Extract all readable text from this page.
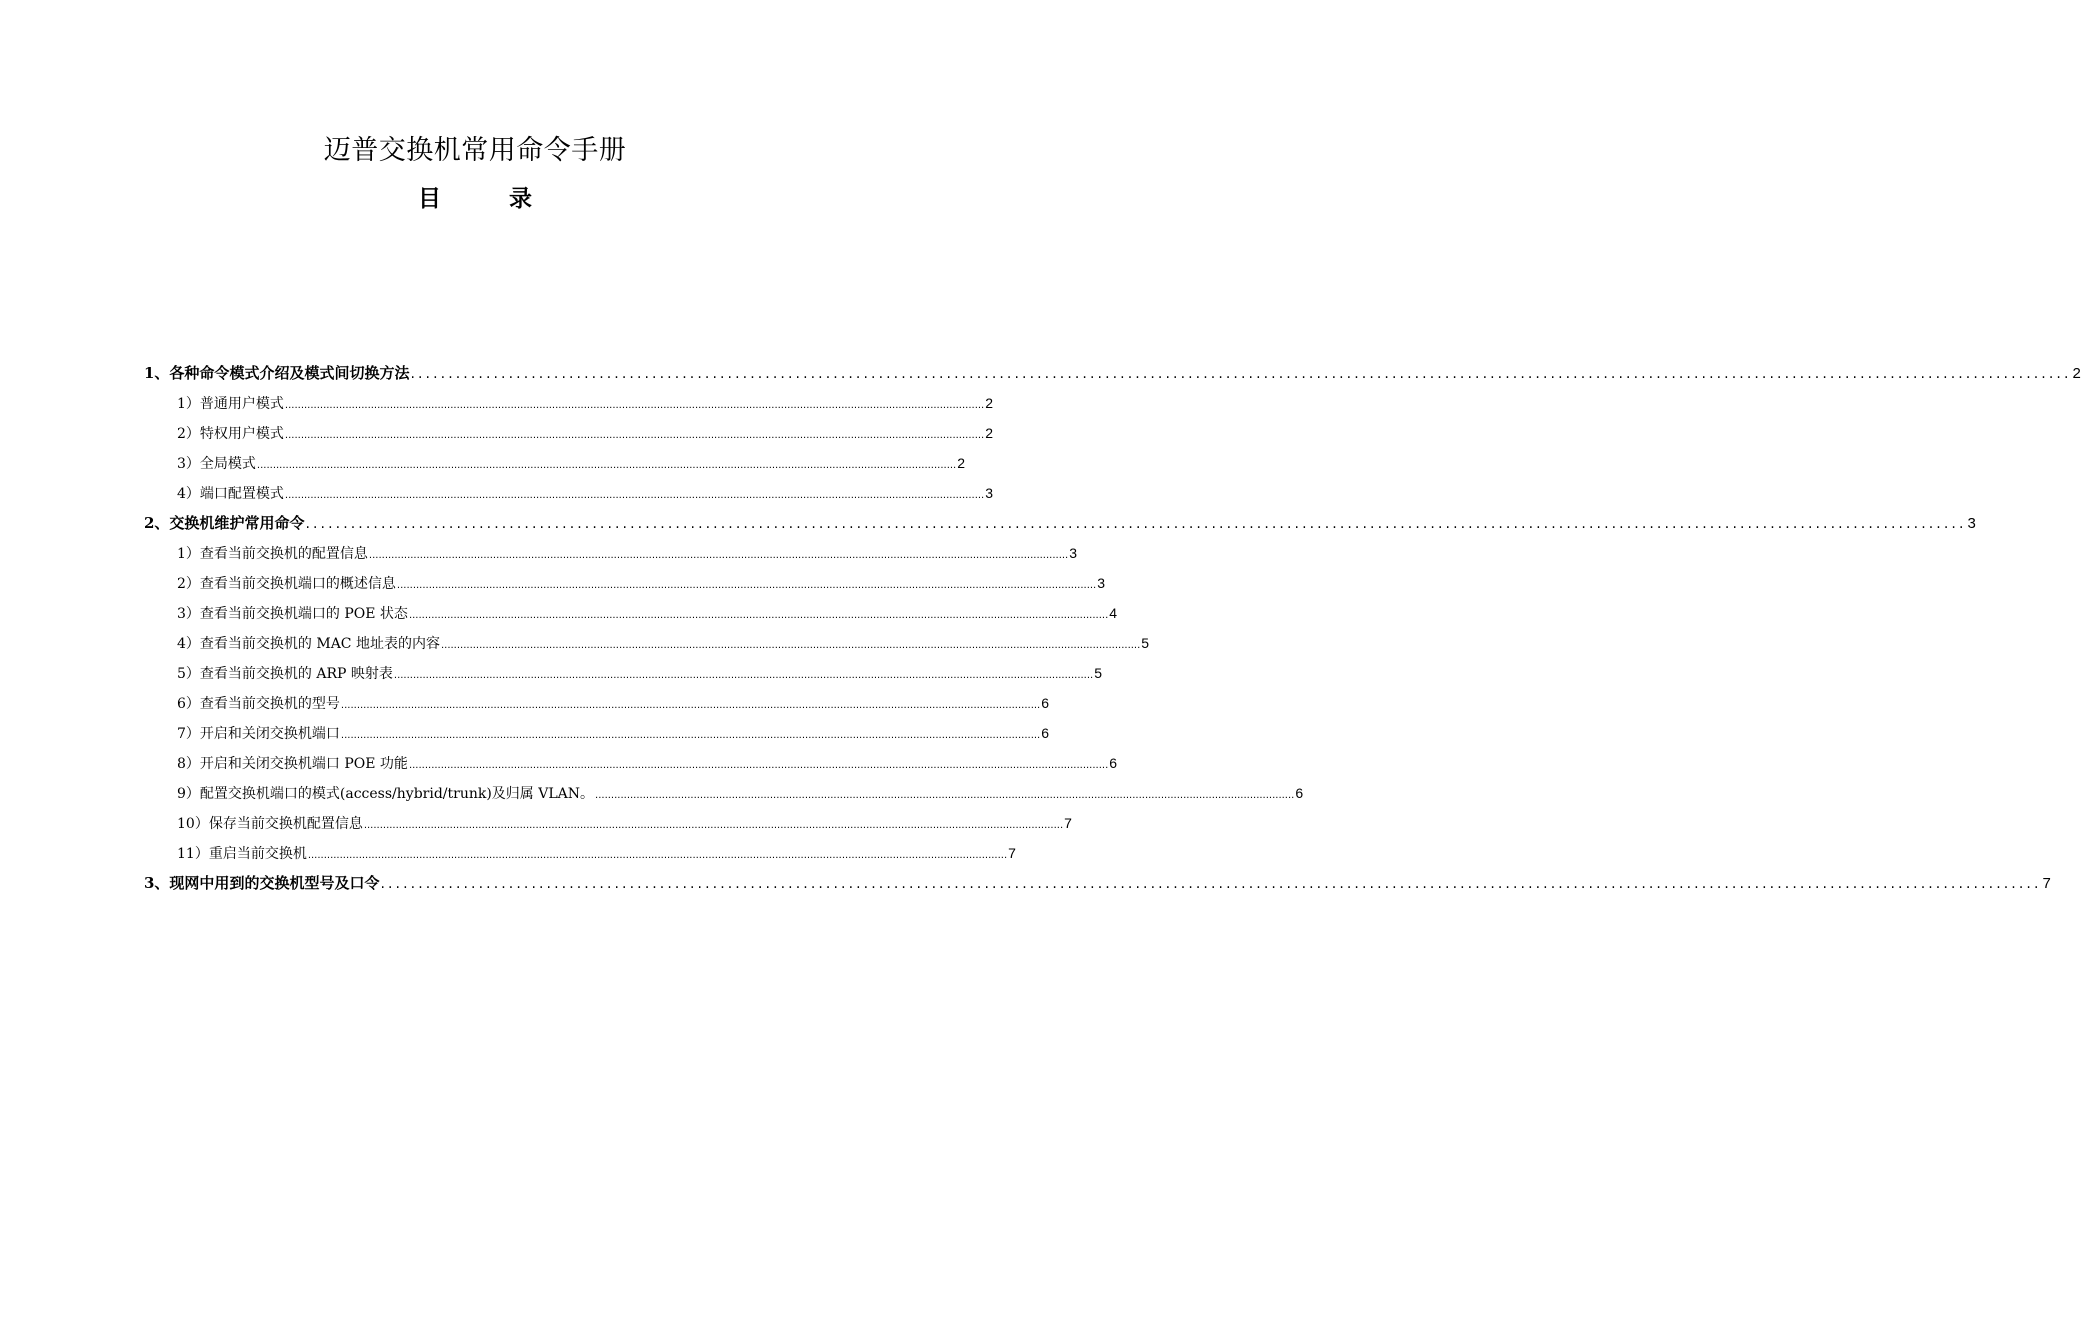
迈普交换机常用命令手册
目 录
1、各种命令模式介绍及模式间切换方法 ............................................................................................................................................................................................................................ 2
1）普通用户模式 ............................................................................................................................................................................................................................ 2
2）特权用户模式 ............................................................................................................................................................................................................................ 2
3）全局模式 ............................................................................................................................................................................................................................ 2
4）端口配置模式 ............................................................................................................................................................................................................................ 3
2、交换机维护常用命令 ............................................................................................................................................................................................................................ 3
1）查看当前交换机的配置信息 ............................................................................................................................................................................................................................ 3
2）查看当前交换机端口的概述信息 ............................................................................................................................................................................................................................ 3
3）查看当前交换机端口的 POE 状态 ............................................................................................................................................................................................................................ 4
4）查看当前交换机的 MAC 地址表的内容 ............................................................................................................................................................................................................................ 5
5）查看当前交换机的 ARP 映射表 ............................................................................................................................................................................................................................ 5
6）查看当前交换机的型号 ............................................................................................................................................................................................................................ 6
7）开启和关闭交换机端口 ............................................................................................................................................................................................................................ 6
8）开启和关闭交换机端口 POE 功能 ............................................................................................................................................................................................................................ 6
9）配置交换机端口的模式(access/hybrid/trunk)及归属 VLAN。 ............................................................................................................................................................................................................................ 6
10）保存当前交换机配置信息 ............................................................................................................................................................................................................................ 7
11）重启当前交换机 ............................................................................................................................................................................................................................ 7
3、现网中用到的交换机型号及口令 ............................................................................................................................................................................................................................ 7
